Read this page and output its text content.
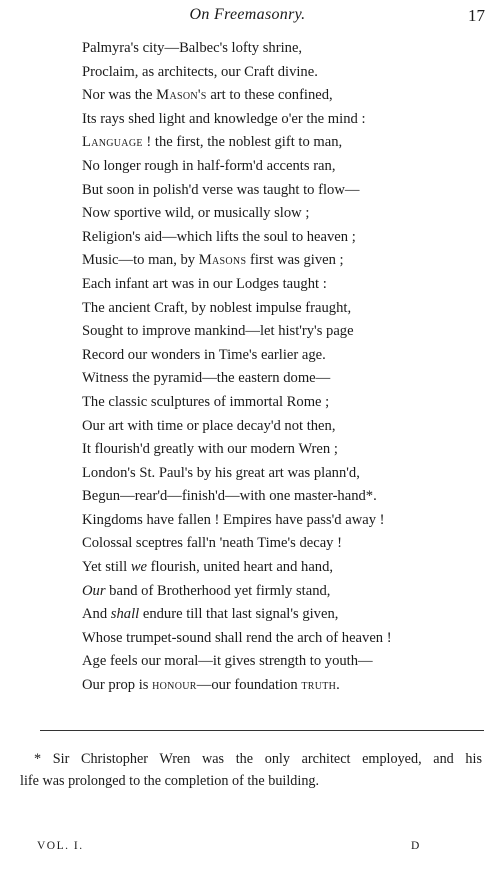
On Freemasonry.	17
Palmyra's city—Balbec's lofty shrine,
Proclaim, as architects, our Craft divine.
Nor was the Mason's art to these confined,
Its rays shed light and knowledge o'er the mind :
Language ! the first, the noblest gift to man,
No longer rough in half-form'd accents ran,
But soon in polish'd verse was taught to flow—
Now sportive wild, or musically slow ;
Religion's aid—which lifts the soul to heaven ;
Music—to man, by Masons first was given ;
Each infant art was in our Lodges taught :
The ancient Craft, by noblest impulse fraught,
Sought to improve mankind—let hist'ry's page
Record our wonders in Time's earlier age.
Witness the pyramid—the eastern dome—
The classic sculptures of immortal Rome ;
Our art with time or place decay'd not then,
It flourish'd greatly with our modern Wren ;
London's St. Paul's by his great art was plann'd,
Begun—rear'd—finish'd—with one master-hand*.
Kingdoms have fallen ! Empires have pass'd away !
Colossal sceptres fall'n 'neath Time's decay !
Yet still we flourish, united heart and hand,
Our band of Brotherhood yet firmly stand,
And shall endure till that last signal's given,
Whose trumpet-sound shall rend the arch of heaven !
Age feels our moral—it gives strength to youth—
Our prop is honour—our foundation truth.
* Sir Christopher Wren was the only architect employed, and his
life was prolonged to the completion of the building.
VOL. I.	D
